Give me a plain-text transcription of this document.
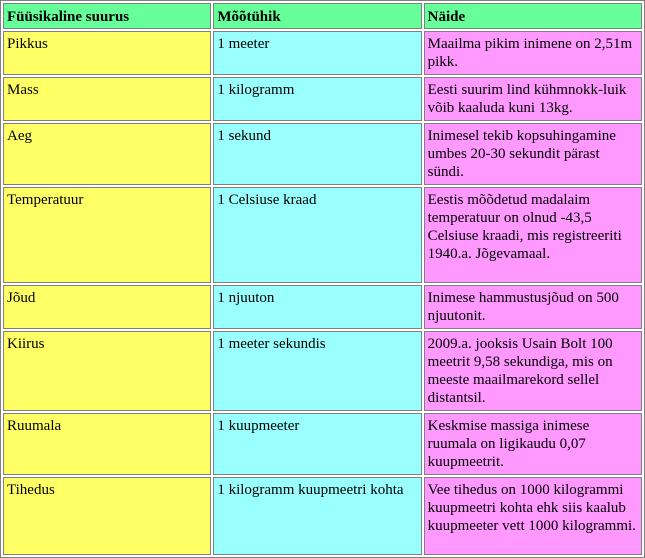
Füüsikaline suurus	Mõõtühik	Näide
Pikkus	1 meeter	Maailma pikim inimene on 2,51m pikk.
Mass	1 kilogramm	Eesti suurim lind kühmnokk-luik võib kaaluda kuni 13kg.
Aeg	1 sekund	Inimesel tekib kopsuhingamine umbes 20-30 sekundit pärast sündi.
Temperatuur	1 Celsiuse kraad	Eestis mõõdetud madalaim temperatuur on olnud -43,5 Celsiuse kraadi, mis registreeriti 1940.a. Jõgevamaal.
Jõud	1 njuuton	Inimese hammustusjõud on 500 njuutonit.
Kiirus	1 meeter sekundis	2009.a. jooksis Usain Bolt 100 meetrit 9,58 sekundiga, mis on meeste maailmarekord sellel distantsil.
Ruumala	1 kuupmeeter	Keskmise massiga inimese ruumala on ligikaudu 0,07 kuupmeetrit.
Tihedus	1 kilogramm kuupmeetri kohta	Vee tihedus on 1000 kilogrammi kuupmeetri kohta ehk siis kaalub kuupmeeter vett 1000 kilogrammi.
